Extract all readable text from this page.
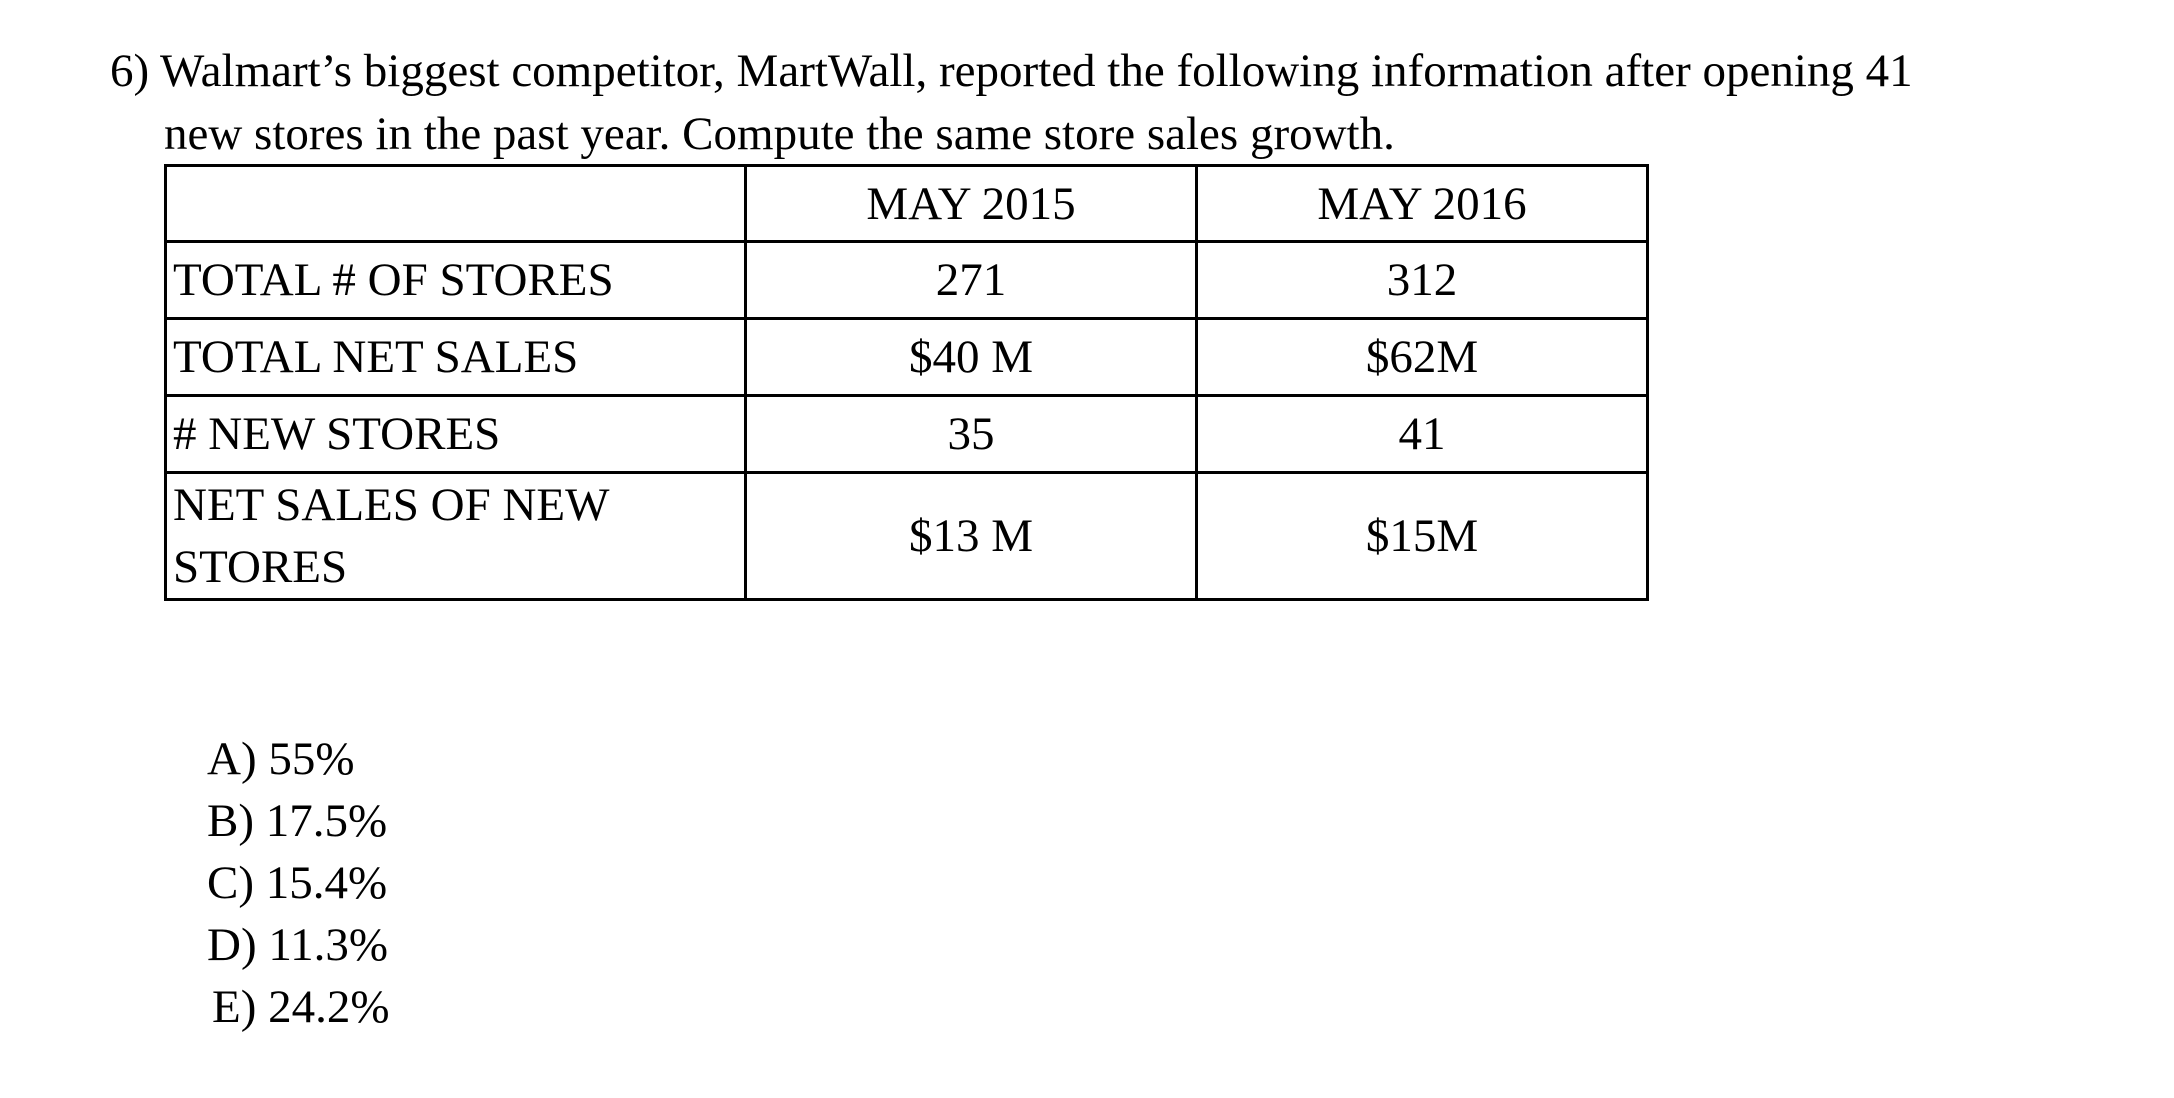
6) Walmart’s biggest competitor, MartWall, reported the following information after opening 41
new stores in the past year. Compute the same store sales growth.
	MAY 2015	MAY 2016
TOTAL # OF STORES	271	312
TOTAL NET SALES	$40 M	$62M
# NEW STORES	35	41

NET SALES OF NEW
STORES	$13 M	$15M
A) 55%
B) 17.5%
C) 15.4%
D) 11.3%
E) 24.2%
